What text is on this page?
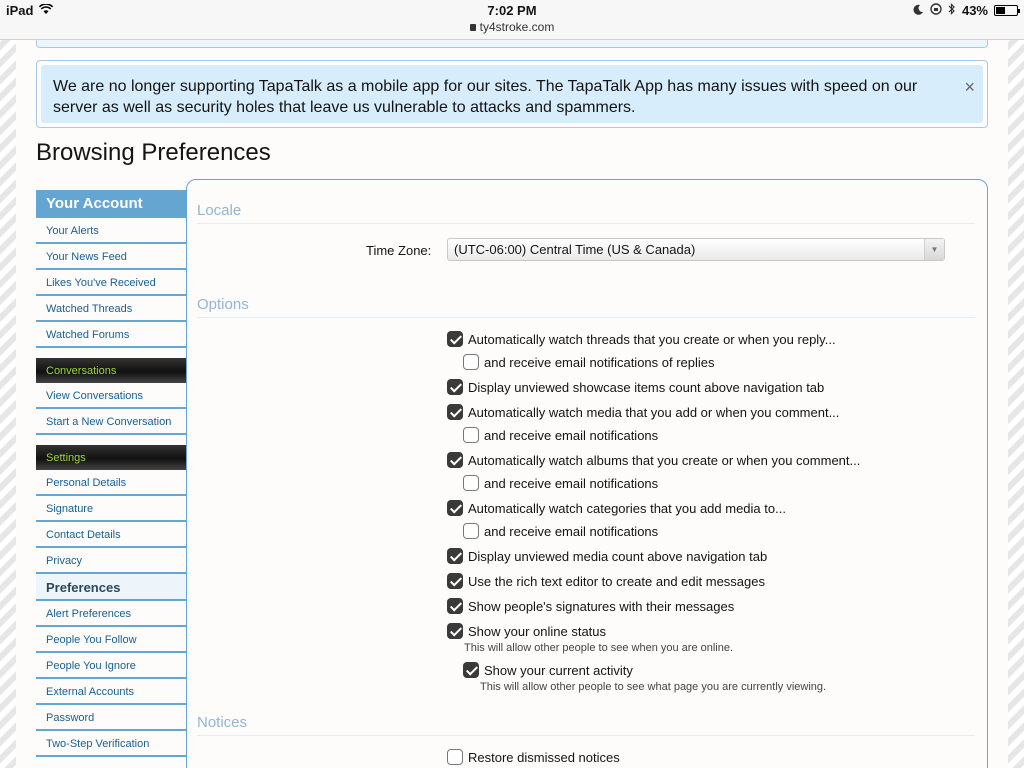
iPad	7:02 PM
ty4stroke.com
43%
We are no longer supporting TapaTalk as a mobile app for our sites. The TapaTalk App has many issues with speed on our server as well as security holes that leave us vulnerable to attacks and spammers.
×
Browsing Preferences
Your Account
Your Alerts
Your News Feed
Likes You've Received
Watched Threads
Watched Forums
Conversations
View Conversations
Start a New Conversation
Settings
Personal Details
Signature
Contact Details
Privacy
Preferences
Alert Preferences
People You Follow
People You Ignore
External Accounts
Password
Two-Step Verification
Locale
Time Zone:	(UTC-06:00) Central Time (US & Canada)	▼
Options
Automatically watch threads that you create or when you reply...
and receive email notifications of replies
Display unviewed showcase items count above navigation tab
Automatically watch media that you add or when you comment...
and receive email notifications
Automatically watch albums that you create or when you comment...
and receive email notifications
Automatically watch categories that you add media to...
and receive email notifications
Display unviewed media count above navigation tab
Use the rich text editor to create and edit messages
Show people's signatures with their messages
Show your online status
This will allow other people to see when you are online.
Show your current activity
This will allow other people to see what page you are currently viewing.
Notices
Restore dismissed notices
